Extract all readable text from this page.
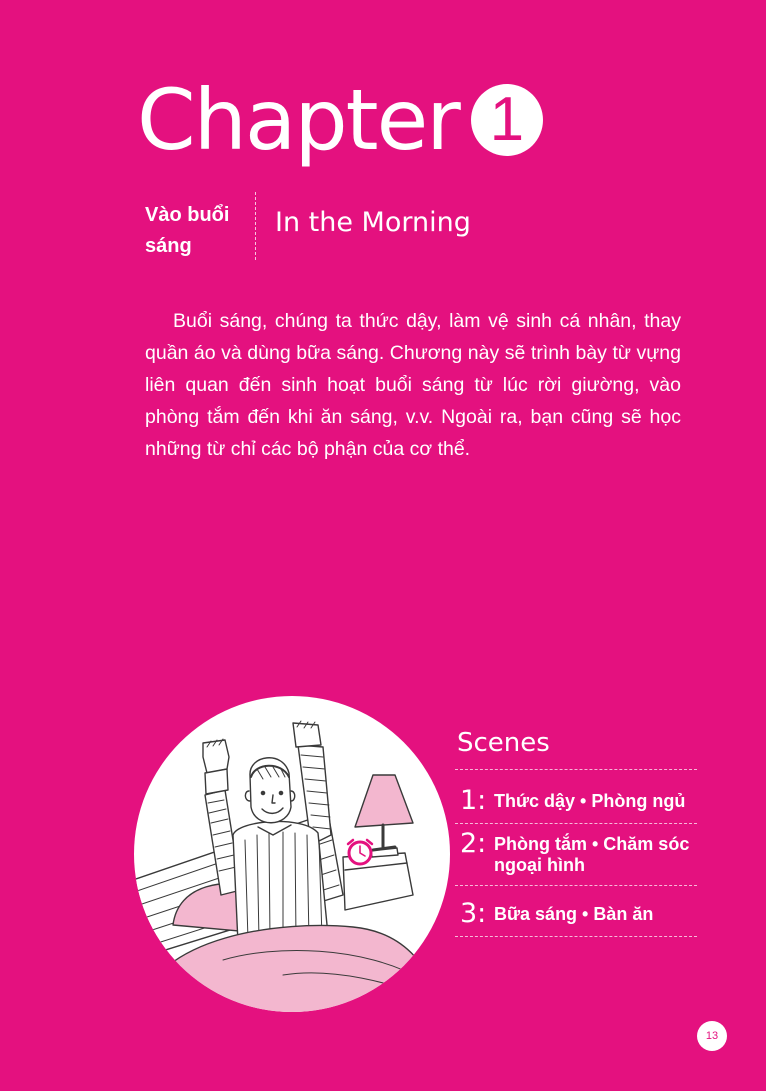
Chapter 1
Vào buổi sáng
In the Morning

Buổi sáng, chúng ta thức dậy, làm vệ sinh cá nhân, thay quần áo và dùng bữa sáng. Chương này sẽ trình bày từ vựng liên quan đến sinh hoạt buổi sáng từ lúc rời giường, vào phòng tắm đến khi ăn sáng, v.v. Ngoài ra, bạn cũng sẽ học những từ chỉ các bộ phận của cơ thể.

Scenes
1: Thức dậy • Phòng ngủ
2: Phòng tắm • Chăm sóc ngoại hình
3: Bữa sáng • Bàn ăn
13
